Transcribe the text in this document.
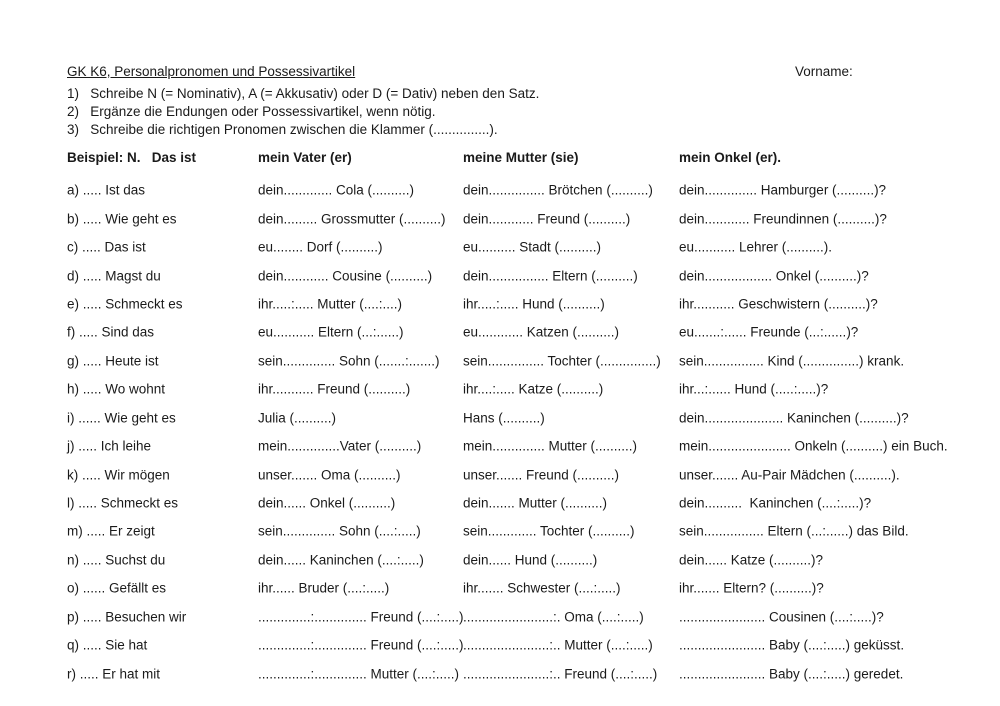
GK K6, Personalpronomen und Possessivartikel	Vorname:
1)   Schreibe N (= Nominativ), A (= Akkusativ) oder D (= Dativ) neben den Satz.
2)   Ergänze die Endungen oder Possessivartikel, wenn nötig.
3)   Schreibe die richtigen Pronomen zwischen die Klammer (...............).
Beispiel: N.   Das ist	mein Vater (er)	meine Mutter (sie)	mein Onkel (er).
a) ..... Ist das	dein............. Cola (..........)	dein............... Brötchen (..........) dein.............. Hamburger (..........)?
b) ..... Wie geht es	dein......... Grossmutter (..........) dein............ Freund (..........)	dein............ Freundinnen (..........)?
c) ..... Das ist	eu........ Dorf (..........)	eu.......... Stadt (..........)	eu........... Lehrer (..........).
d) ..... Magst du	dein............ Cousine (..........) dein................ Eltern (..........)	dein.................. Onkel (..........)?
e) ..... Schmeckt es	ihr.....:..... Mutter (....:....)	ihr.....:..... Hund (..........)	ihr........... Geschwistern (..........)?
f) ..... Sind das	eu........... Eltern (...:......)	eu............ Katzen (..........)	eu.......:...... Freunde (...:......)?
g) ..... Heute ist	sein.............. Sohn (.......:.......) sein............... Tochter (...............) sein................ Kind (...............) krank.
h) ..... Wo wohnt	ihr........... Freund (..........)	ihr....:..... Katze (..........)	ihr...:...... Hund (.....:.....)?
i) ...... Wie geht es	Julia (..........)	Hans (..........)	dein..................... Kaninchen (..........)?
j) ..... Ich leihe	mein..............Vater (..........)	mein.............. Mutter (..........)	mein...................... Onkeln (..........) ein Buch.
k) ..... Wir mögen	unser....... Oma (..........)	unser....... Freund (..........)	unser....... Au-Pair Mädchen (..........).
l) ..... Schmeckt es	dein...... Onkel (..........)	dein....... Mutter (..........)	dein..........  Kaninchen (....:.....)?
m) ..... Er zeigt	sein.............. Sohn (....:.....)	sein............. Tochter (..........)	sein................ Eltern (...:......) das Bild.
n) ..... Suchst du	dein...... Kaninchen (....:.....)	dein...... Hund (..........)	dein...... Katze (..........)?
o) ...... Gefällt es	ihr...... Bruder (....:.....)	ihr....... Schwester (....:.....)	ihr....... Eltern? (..........)?
p) ..... Besuchen wir	..............:.............. Freund (....:.....) ........................:. Oma (....:.....)	....................... Cousinen (....:.....)?
q) ..... Sie hat	..............:.............. Freund (....:.....) .......................:.. Mutter (....:.....) ....................... Baby (....:.....) geküsst.
r) ..... Er hat mit	..............:.............. Mutter (....:.....) .......................:.. Freund (....:.....) ....................... Baby (....:.....) geredet.
